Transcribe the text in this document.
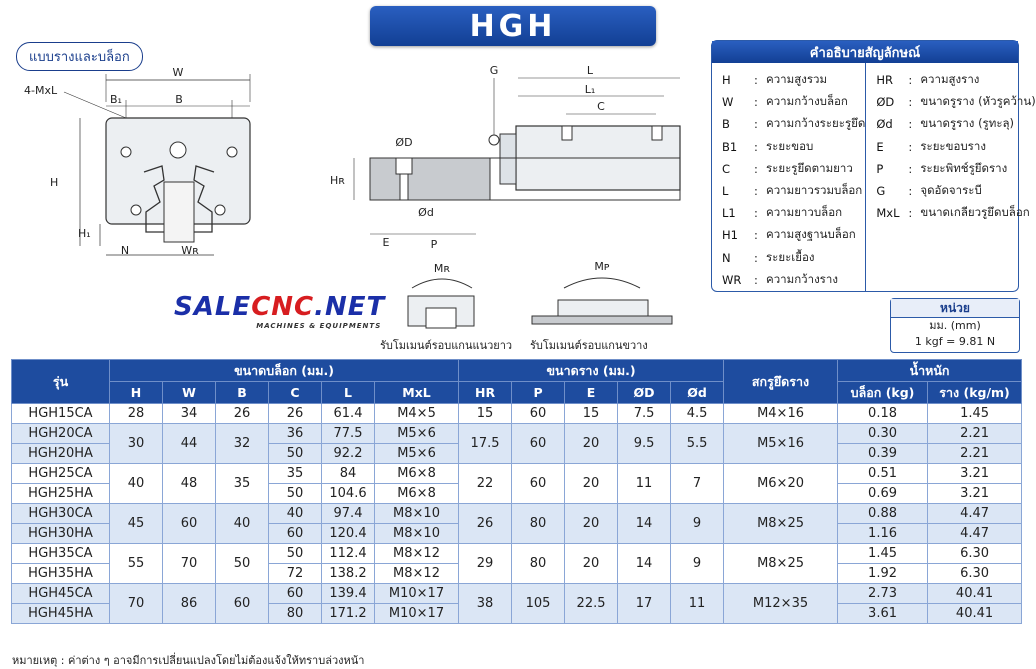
HGH
แบบรางและบล็อก
W
B₁	B
4-MxL
H
H₁
N	Wʀ
G	L
L₁
C
ØD
Ød
Hʀ
E	P
Mʀ	Mᴘ
รับโมเมนต์รอบแกนแนวยาว รับโมเมนต์รอบแกนขวาง
SALECNC.NET
MACHINES & EQUIPMENTS
คำอธิบายสัญลักษณ์
H	: ความสูงรวม
W	: ความกว้างบล็อก
B	: ความกว้างระยะรูยึด
B1	: ระยะขอบ
C	: ระยะรูยึดตามยาว
L	: ความยาวรวมบล็อก
L1	: ความยาวบล็อก
H1	: ความสูงฐานบล็อก
N	: ระยะเยื้อง
WR	: ความกว้างราง
HR	: ความสูงราง
ØD	: ขนาดรูราง (หัวรูคว้าน)
Ød	: ขนาดรูราง (รูทะลุ)
E	: ระยะขอบราง
P	: ระยะพิทช์รูยึดราง
G	: จุดอัดจาระบี
MxL : ขนาดเกลียวรูยึดบล็อก
หน่วย
มม. (mm)
1 kgf = 9.81 N
รุ่น	ขนาดบล็อก (มม.)						ขนาดราง (มม.)					สกรูยึดราง	น้ำหนัก	
	H	W	B	C	L	MxL	HR	P	E	ØD	Ød		บล็อก (kg)	ราง (kg/m)
HGH15CA	28	34	26	26	61.4	M4×5	15	60	15	7.5	4.5	M4×16	0.18	1.45
HGH20CA	30	44	32	36	77.5	M5×6	17.5	60	20	9.5	5.5	M5×16	0.30	2.21
HGH20HA				50	92.2	M5×6							0.39	2.21
HGH25CA	40	48	35	35	84	M6×8	22	60	20	11	7	M6×20	0.51	3.21
HGH25HA				50	104.6	M6×8							0.69	3.21
HGH30CA	45	60	40	40	97.4	M8×10	26	80	20	14	9	M8×25	0.88	4.47
HGH30HA				60	120.4	M8×10							1.16	4.47
HGH35CA	55	70	50	50	112.4	M8×12	29	80	20	14	9	M8×25	1.45	6.30
HGH35HA				72	138.2	M8×12							1.92	6.30
HGH45CA	70	86	60	60	139.4	M10×17	38	105	22.5	17	11	M12×35	2.73	40.41
HGH45HA				80	171.2	M10×17							3.61	40.41
หมายเหตุ : ค่าต่าง ๆ อาจมีการเปลี่ยนแปลงโดยไม่ต้องแจ้งให้ทราบล่วงหน้า
